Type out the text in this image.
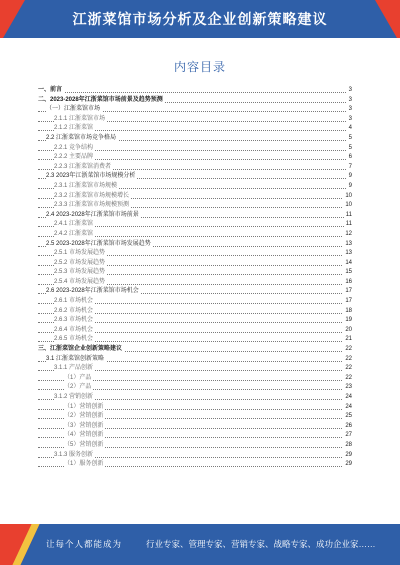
江浙菜馆市场分析及企业创新策略建议
内容目录
一、前言	3
二、2023-2028年江浙菜馆市场前景及趋势预测	3
（一）江浙菜馆市场	3
2.1.1 江浙菜馆市场	3
2.1.2 江浙菜馆	4
2.2 江浙菜馆市场竞争格局	5
2.2.1 竞争结构	5
2.2.2 主要品牌	6
2.2.3 江浙菜馆消费者	7
2.3 2023年江浙菜馆市场规模分析	9
2.3.1 江浙菜馆市场规模	9
2.3.2 江浙菜馆市场规模增长	10
2.3.3 江浙菜馆市场规模预测	10
2.4 2023-2028年江浙菜馆市场前景	11
2.4.1 江浙菜馆	11
2.4.2 江浙菜馆	12
2.5 2023-2028年江浙菜馆市场发展趋势	13
2.5.1 市场发展趋势	13
2.5.2 市场发展趋势	14
2.5.3 市场发展趋势	15
2.5.4 市场发展趋势	16
2.6 2023-2028年江浙菜馆市场机会	17
2.6.1 市场机会	17
2.6.2 市场机会	18
2.6.3 市场机会	19
2.6.4 市场机会	20
2.6.5 市场机会	21
三、江浙菜馆企业创新策略建议	22
3.1 江浙菜馆创新策略	22
3.1.1 产品创新	22
（1）产品	22
（2）产品	23
3.1.2 营销创新	24
（1）营销创新	24
（2）营销创新	25
（3）营销创新	26
（4）营销创新	27
（5）营销创新	28
3.1.3 服务创新	29
（1）服务创新	29
让每个人都能成为	行业专家、管理专家、营销专家、战略专家、成功企业家……
